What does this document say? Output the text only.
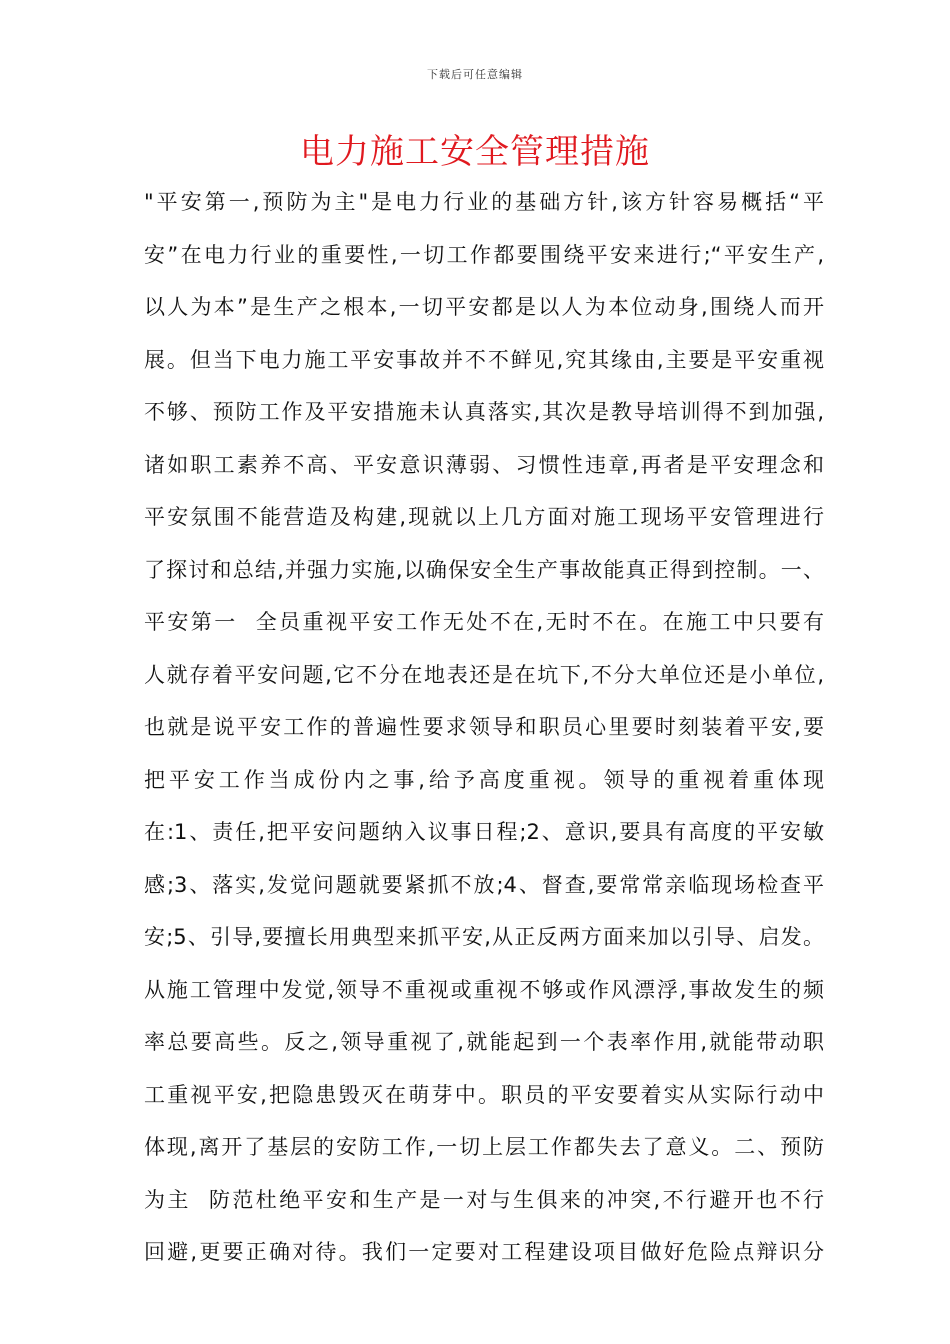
下载后可任意编辑
电力施工安全管理措施
"平安第一,预防为主"是电力行业的基础方针,该方针容易概括“平
安”在电力行业的重要性,一切工作都要围绕平安来进行;“平安生产,
以人为本”是生产之根本,一切平安都是以人为本位动身,围绕人而开
展。但当下电力施工平安事故并不不鲜见,究其缘由,主要是平安重视
不够、预防工作及平安措施未认真落实,其次是教导培训得不到加强,
诸如职工素养不高、平安意识薄弱、习惯性违章,再者是平安理念和
平安氛围不能营造及构建,现就以上几方面对施工现场平安管理进行
了探讨和总结,并强力实施,以确保安全生产事故能真正得到控制。一、
平安第一  全员重视平安工作无处不在,无时不在。在施工中只要有
人就存着平安问题,它不分在地表还是在坑下,不分大单位还是小单位,
也就是说平安工作的普遍性要求领导和职员心里要时刻装着平安,要
把平安工作当成份内之事,给予高度重视。领导的重视着重体现
在:1、责任,把平安问题纳入议事日程;2、意识,要具有高度的平安敏
感;3、落实,发觉问题就要紧抓不放;4、督查,要常常亲临现场检查平
安;5、引导,要擅长用典型来抓平安,从正反两方面来加以引导、启发。
从施工管理中发觉,领导不重视或重视不够或作风漂浮,事故发生的频
率总要高些。反之,领导重视了,就能起到一个表率作用,就能带动职
工重视平安,把隐患毁灭在萌芽中。职员的平安要着实从实际行动中
体现,离开了基层的安防工作,一切上层工作都失去了意义。二、预防
为主  防范杜绝平安和生产是一对与生俱来的冲突,不行避开也不行
回避,更要正确对待。我们一定要对工程建设项目做好危险点辩识分
